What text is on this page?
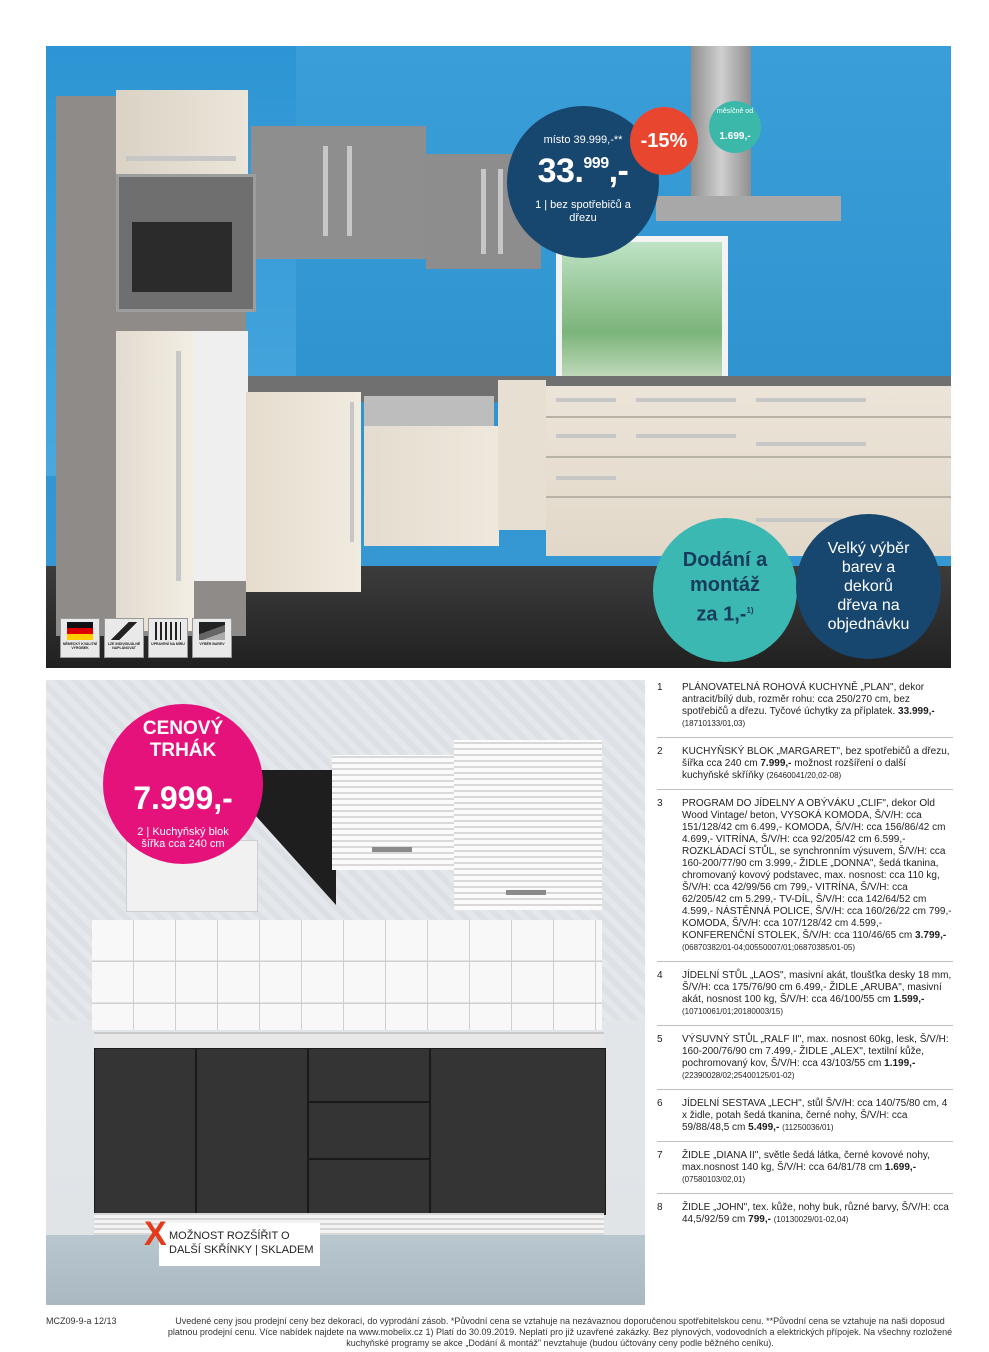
místo 39.999,-**
33.$^{999}$,-
1 | bez spotřebičů a dřezu
-15%
měsíčně od
1.699,-
Dodání a
montáž
za 1,-$^{1)}$
Velký výběr
barev a
dekorů
dřeva na
objednávku
NĚMECKÝ KVALITNÍ VÝROBEK
LZE INDIVIDUÁLNĚ NAPLÁNOVAT
UPRAVENÍ NA MÍRU	VÝBĚR BAREV
CENOVÝ
TRHÁK
7.999,-
2 | Kuchyňský blok
šířka cca 240 cm
MOŽNOST ROZŠÍŘIT O
DALŠÍ SKŘÍNKY | SKLADEM
X
1	PLÁNOVATELNÁ ROHOVÁ KUCHYNĚ „PLAN", dekor antracit/bílý dub, rozměr rohu: cca 250/270 cm, bez spotřebičů a dřezu. Tyčové úchytky za příplatek. 33.999,- (18710133/01,03)
2	KUCHYŇSKÝ BLOK „MARGARET", bez spotřebičů a dřezu, šířka cca 240 cm 7.999,- možnost rozšíření o další kuchyňské skříňky (26460041/20,02-08)
3	PROGRAM DO JÍDELNY A OBÝVÁKU „CLIF", dekor Old Wood Vintage/ beton, VYSOKÁ KOMODA, Š/V/H: cca 151/128/42 cm 6.499,- KOMODA, Š/V/H: cca 156/86/42 cm 4.699,- VITRÍNA, Š/V/H: cca 92/205/42 cm 6.599,- ROZKLÁDACÍ STŮL, se synchronním výsuvem, Š/V/H: cca 160-200/77/90 cm 3.999,- ŽIDLE „DONNA", šedá tkanina, chromovaný kovový podstavec, max. nosnost: cca 110 kg, Š/V/H: cca 42/99/56 cm 799,- VITRÍNA, Š/V/H: cca 62/205/42 cm 5.299,- TV-DÍL, Š/V/H: cca 142/64/52 cm 4.599,- NÁSTĚNNÁ POLICE, Š/V/H: cca 160/26/22 cm 799,- KOMODA, Š/V/H: cca 107/128/42 cm 4.599,- KONFERENČNÍ STOLEK, Š/V/H: cca 110/46/65 cm 3.799,- (06870382/01-04;00550007/01;06870385/01-05)
4	JÍDELNÍ STŮL „LAOS", masivní akát, tloušťka desky 18 mm, Š/V/H: cca 175/76/90 cm 6.499,- ŽIDLE „ARUBA", masivní akát, nosnost 100 kg, Š/V/H: cca 46/100/55 cm 1.599,- (10710061/01;20180003/15)
5	VÝSUVNÝ STŮL „RALF II", max. nosnost 60kg, lesk, Š/V/H: 160-200/76/90 cm 7.499,- ŽIDLE „ALEX", textilní kůže, pochromovaný kov, Š/V/H: cca 43/103/55 cm 1.199,- (22390028/02;25400125/01-02)
6	JÍDELNÍ SESTAVA „LECH", stůl Š/V/H: cca 140/75/80 cm, 4 x židle, potah šedá tkanina, černé nohy, Š/V/H: cca 59/88/48,5 cm 5.499,- (11250036/01)
7	ŽIDLE „DIANA II", světle šedá látka, černé kovové nohy, max.nosnost 140 kg, Š/V/H: cca 64/81/78 cm 1.699,- (07580103/02,01)
8	ŽIDLE „JOHN", tex. kůže, nohy buk, různé barvy, Š/V/H: cca 44,5/92/59 cm 799,- (10130029/01-02,04)
MCZ09-9-a 12/13	Uvedené ceny jsou prodejní ceny bez dekorací, do vyprodání zásob. *Původní cena se vztahuje na nezávaznou doporučenou spotřebitelskou cenu. **Původní cena se vztahuje na naši doposud platnou prodejní cenu. Více nabídek najdete na www.mobelix.cz 1) Platí do 30.09.2019. Neplatí pro již uzavřené zakázky. Bez plynových, vodovodních a elektrických přípojek. Na všechny rozložené kuchyňské programy se akce „Dodání & montáž" nevztahuje (budou účtovány ceny podle běžného ceníku).
